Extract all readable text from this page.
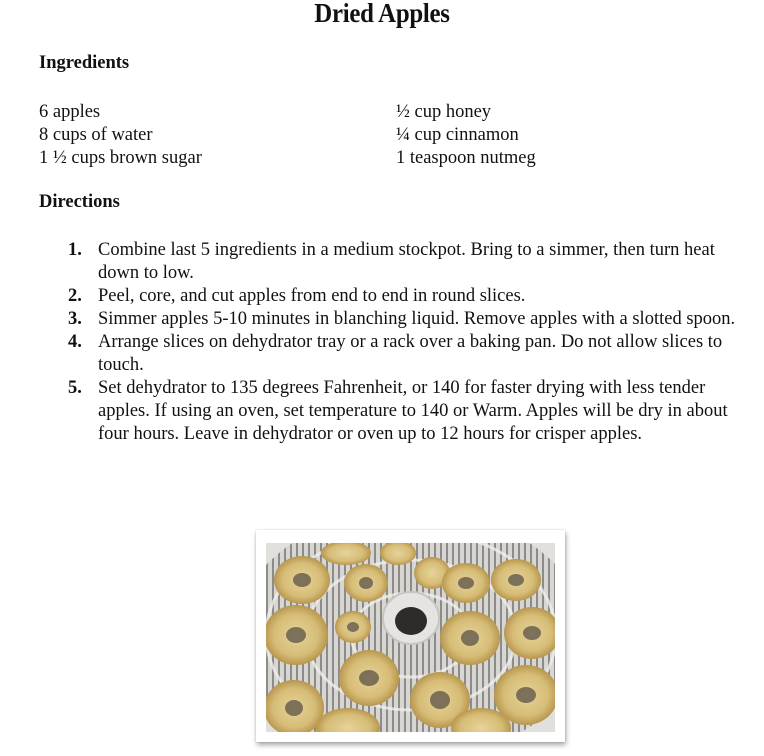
Dried Apples
Ingredients
6 apples
8 cups of water
1 ½ cups brown sugar
½ cup honey
¼ cup cinnamon
1 teaspoon nutmeg
Directions
1. Combine last 5 ingredients in a medium stockpot. Bring to a simmer, then turn heat down to low.
2. Peel, core, and cut apples from end to end in round slices.
3. Simmer apples 5-10 minutes in blanching liquid. Remove apples with a slotted spoon.
4. Arrange slices on dehydrator tray or a rack over a baking pan. Do not allow slices to touch.
5. Set dehydrator to 135 degrees Fahrenheit, or 140 for faster drying with less tender apples. If using an oven, set temperature to 140 or Warm. Apples will be dry in about four hours. Leave in dehydrator or oven up to 12 hours for crisper apples.
